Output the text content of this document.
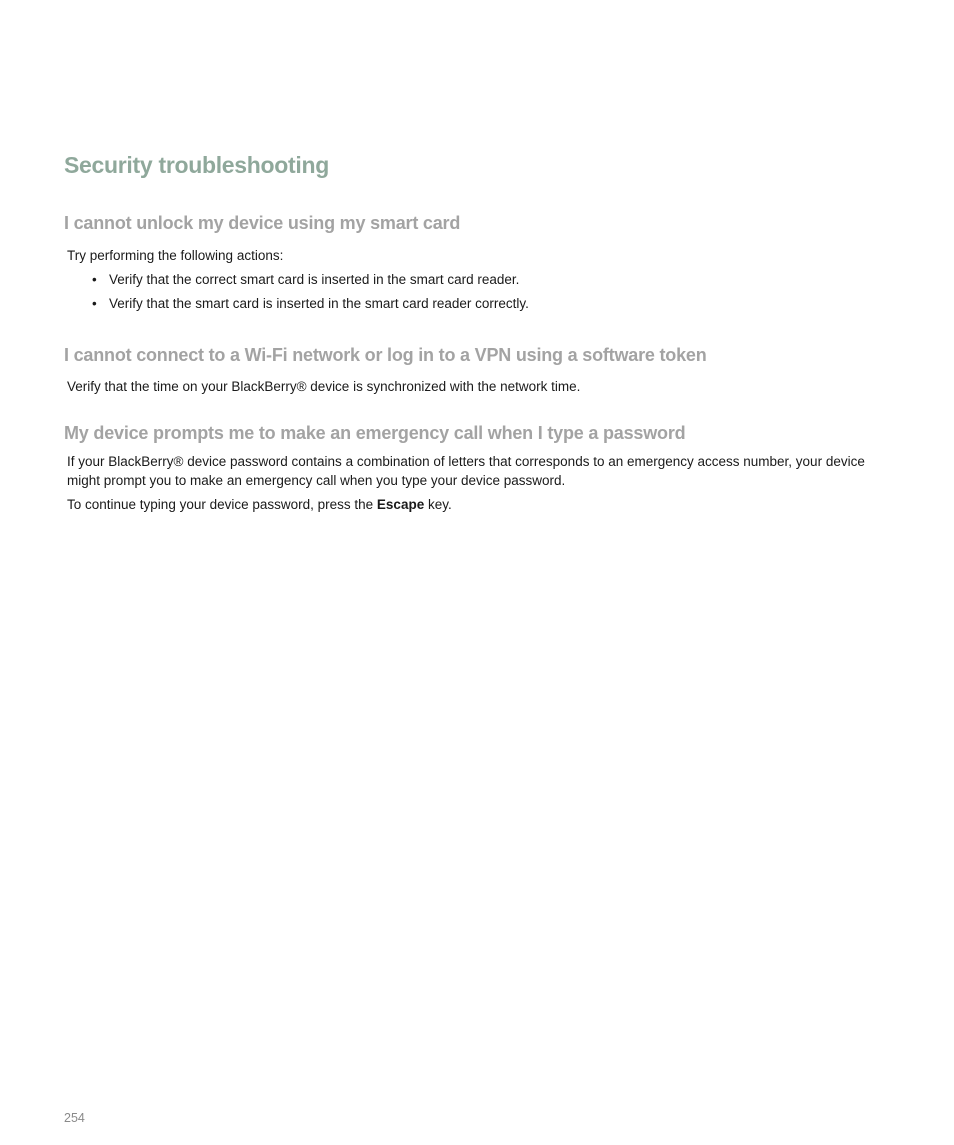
Security troubleshooting
I cannot unlock my device using my smart card

Try performing the following actions:

• Verify that the correct smart card is inserted in the smart card reader.
• Verify that the smart card is inserted in the smart card reader correctly.
I cannot connect to a Wi-Fi network or log in to a VPN using a software token

Verify that the time on your BlackBerry® device is synchronized with the network time.

My device prompts me to make an emergency call when I type a password

If your BlackBerry® device password contains a combination of letters that corresponds to an emergency access number, your device

might prompt you to make an emergency call when you type your device password.

To continue typing your device password, press the Escape key.

254
